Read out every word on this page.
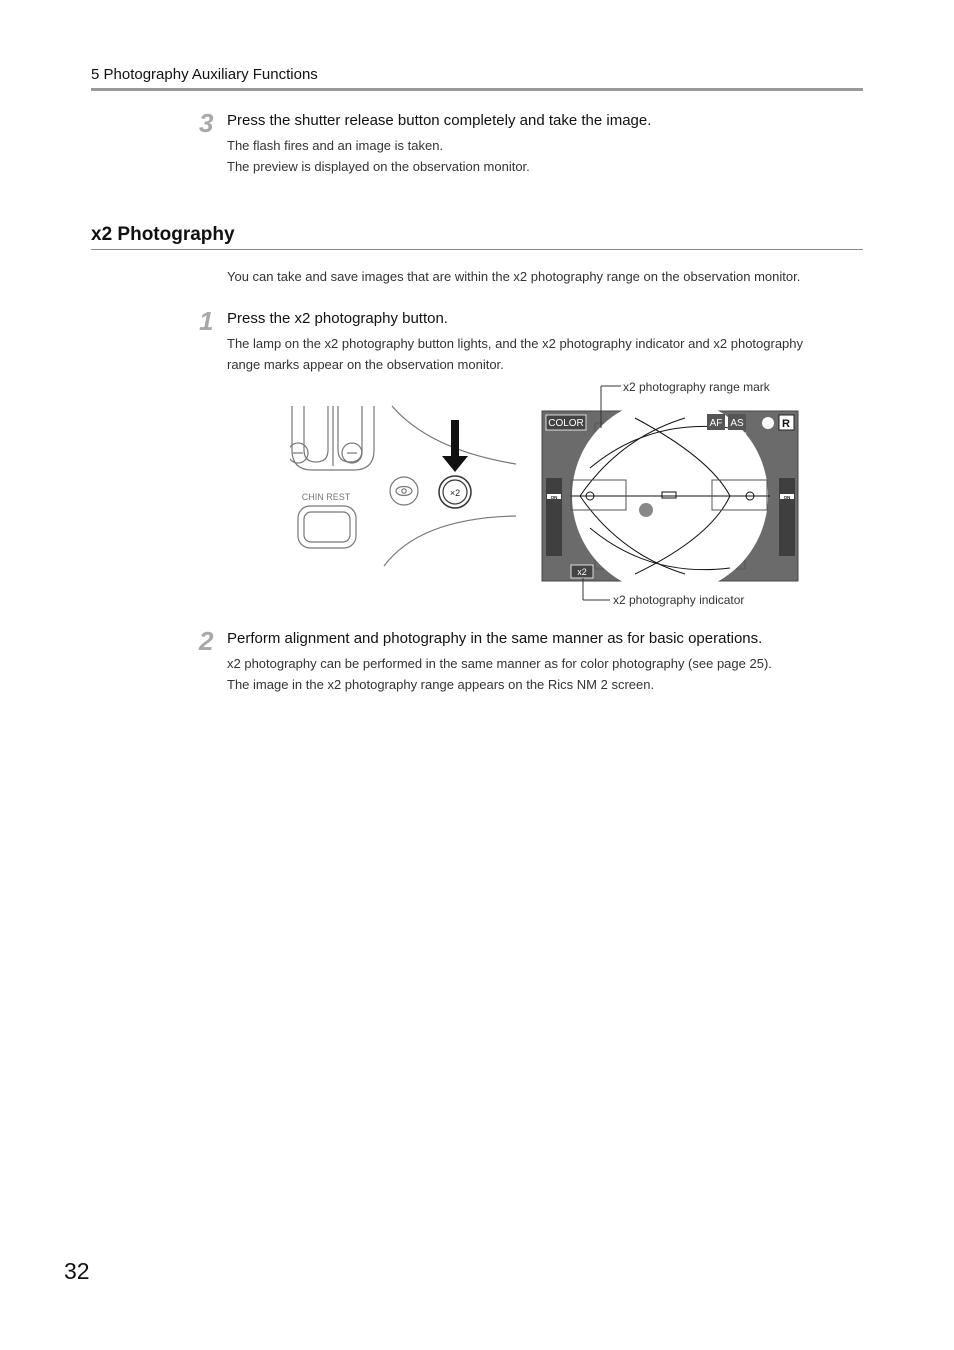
5 Photography Auxiliary Functions
3 Press the shutter release button completely and take the image.
The flash fires and an image is taken.
The preview is displayed on the observation monitor.
x2 Photography
You can take and save images that are within the x2 photography range on the observation monitor.
1 Press the x2 photography button.
The lamp on the x2 photography button lights, and the x2 photography indicator and x2 photography
range marks appear on the observation monitor.
CHIN REST	×2
COLOR	AF AS	R
ON	ON
x2
x2 photography range mark
x2 photography indicator
2 Perform alignment and photography in the same manner as for basic operations.
x2 photography can be performed in the same manner as for color photography (see page 25).
The image in the x2 photography range appears on the Rics NM 2 screen.
32
